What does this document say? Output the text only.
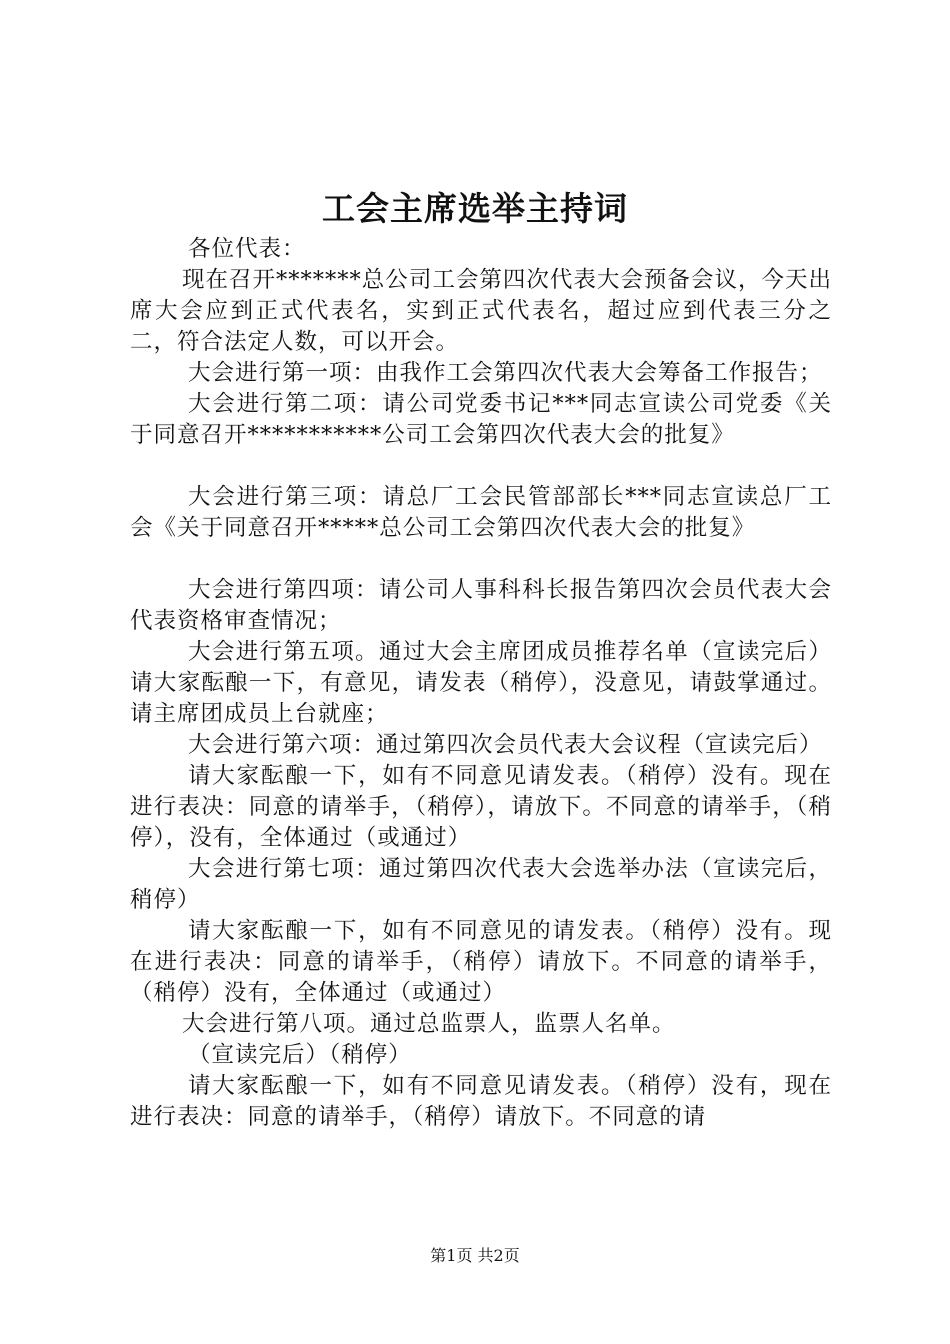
工会主席选举主持词

各位代表：

现在召开*******总公司工会第四次代表大会预备会议，今天出席大会应到正式代表名，实到正式代表名，超过应到代表三分之二，符合法定人数，可以开会。

大会进行第一项：由我作工会第四次代表大会筹备工作报告；

大会进行第二项：请公司党委书记***同志宣读公司党委《关于同意召开***********公司工会第四次代表大会的批复》

大会进行第三项：请总厂工会民管部部长***同志宣读总厂工会《关于同意召开*****总公司工会第四次代表大会的批复》

大会进行第四项：请公司人事科科长报告第四次会员代表大会代表资格审查情况；

大会进行第五项。通过大会主席团成员推荐名单（宣读完后）请大家酝酿一下，有意见，请发表（稍停），没意见，请鼓掌通过。请主席团成员上台就座；

大会进行第六项：通过第四次会员代表大会议程（宣读完后）

请大家酝酿一下，如有不同意见请发表。（稍停）没有。现在进行表决：同意的请举手，（稍停），请放下。不同意的请举手，（稍停），没有，全体通过（或通过）

大会进行第七项：通过第四次代表大会选举办法（宣读完后，稍停）

请大家酝酿一下，如有不同意见的请发表。（稍停）没有。现在进行表决：同意的请举手，（稍停）请放下。不同意的请举手，（稍停）没有，全体通过（或通过）

大会进行第八项。通过总监票人，监票人名单。

（宣读完后）（稍停）

请大家酝酿一下，如有不同意见请发表。（稍停）没有，现在进行表决：同意的请举手，（稍停）请放下。不同意的请

第1页 共2页
